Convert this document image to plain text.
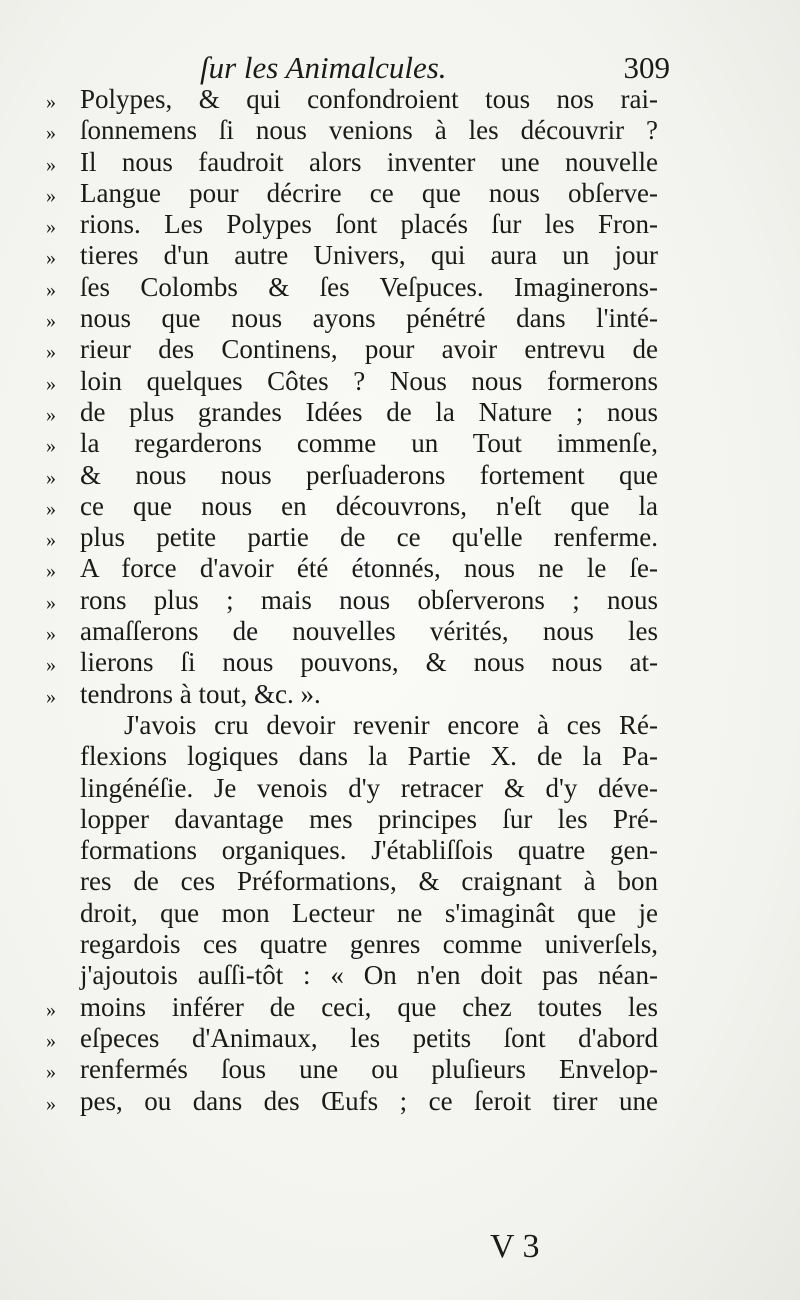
ſur les Animalcules.	309
» Polypes, & qui confondroient tous nos rai-
» ſonnemens ſi nous venions à les découvrir ?
» Il nous faudroit alors inventer une nouvelle
» Langue pour décrire ce que nous obſerve-
» rions. Les Polypes ſont placés ſur les Fron-
» tieres d'un autre Univers, qui aura un jour
» ſes Colombs & ſes Veſpuces. Imaginerons-
» nous que nous ayons pénétré dans l'inté-
» rieur des Continens, pour avoir entrevu de
» loin quelques Côtes ? Nous nous formerons
» de plus grandes Idées de la Nature ; nous
» la regarderons comme un Tout immenſe,
» & nous nous perſuaderons fortement que
» ce que nous en découvrons, n'eſt que la
» plus petite partie de ce qu'elle renferme.
» A force d'avoir été étonnés, nous ne le ſe-
» rons plus ; mais nous obſerverons ; nous
» amaſſerons de nouvelles vérités, nous les
» lierons ſi nous pouvons, & nous nous at-
» tendrons à tout, &c. ».
J'avois cru devoir revenir encore à ces Ré-
flexions logiques dans la Partie X. de la Pa-
lingénéſie. Je venois d'y retracer & d'y déve-
lopper davantage mes principes ſur les Pré-
formations organiques. J'établiſſois quatre gen-
res de ces Préformations, & craignant à bon
droit, que mon Lecteur ne s'imaginât que je
regardois ces quatre genres comme univerſels,
j'ajoutois auſſi-tôt : « On n'en doit pas néan-
» moins inférer de ceci, que chez toutes les
» eſpeces d'Animaux, les petits ſont d'abord
» renfermés ſous une ou pluſieurs Envelop-
» pes, ou dans des Œufs ; ce ſeroit tirer une
V 3
